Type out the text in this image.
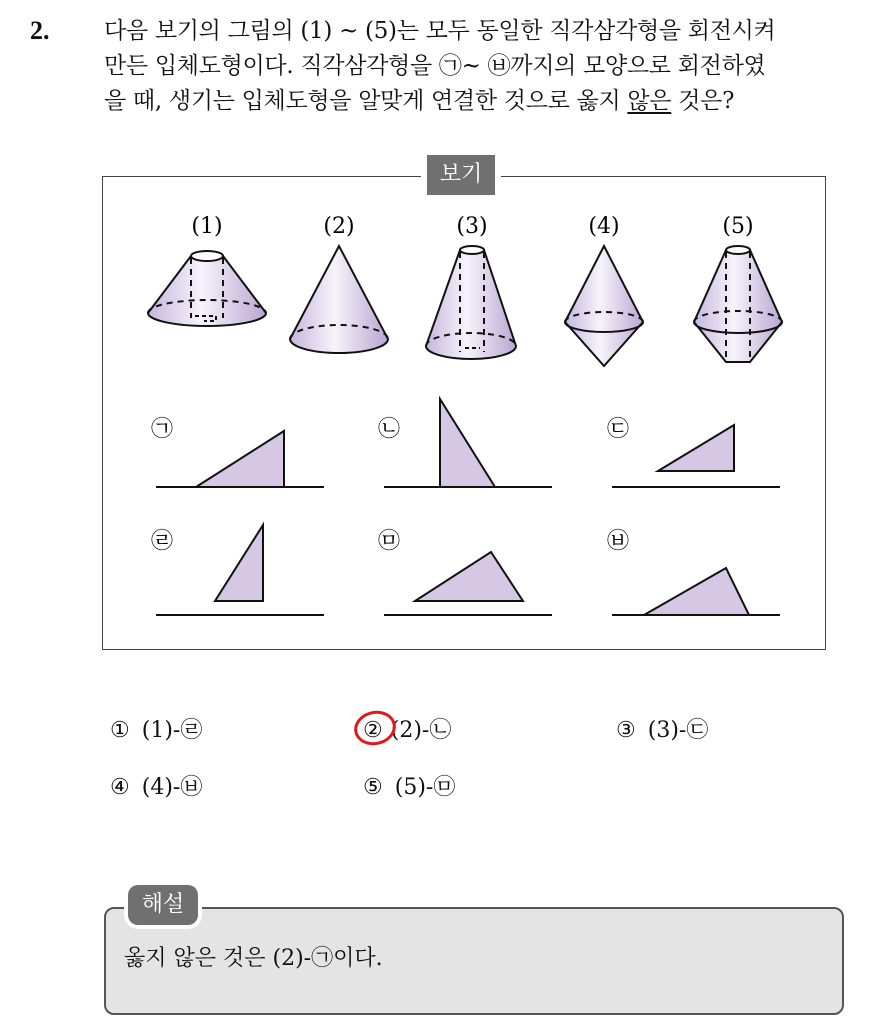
2. 다음 보기의 그림의 (1) ~ (5)는 모두 동일한 직각삼각형을 회전시켜
만든 입체도형이다. 직각삼각형을 ㉠~ ㉥까지의 모양으로 회전하였
을 때, 생기는 입체도형을 알맞게 연결한 것으로 옳지 않은 것은?
보기
(1)	(2)	(3)	(4)	(5)
㉠	㉡	㉢
㉣	㉤	㉥
① (1)-㉣	② (2)-㉡	③ (3)-㉢
④ (4)-㉥	⑤ (5)-㉤
해설
옳지 않은 것은 (2)-㉠이다.
